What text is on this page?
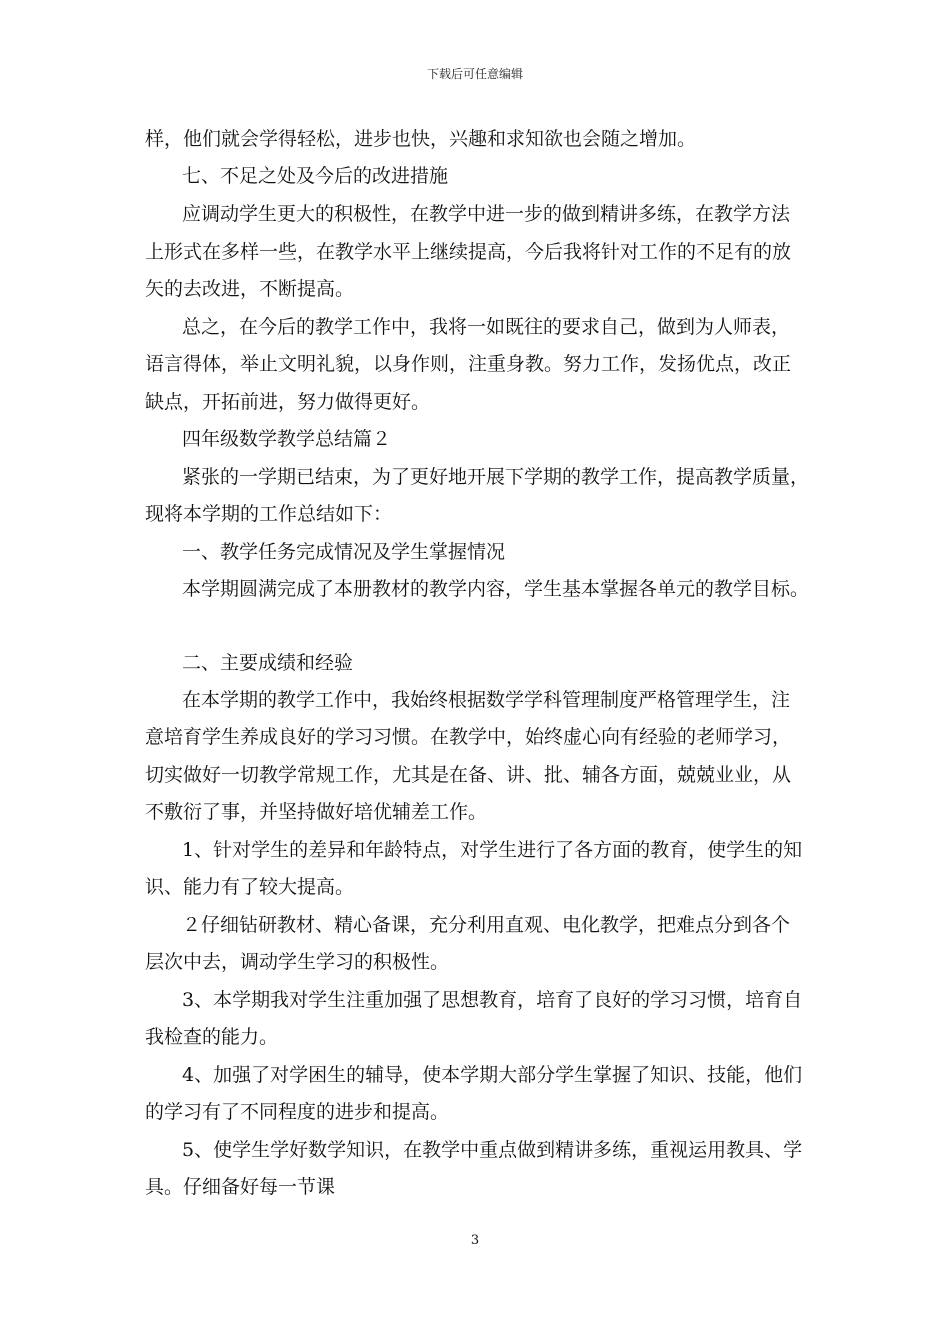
下载后可任意编辑
样，他们就会学得轻松，进步也快，兴趣和求知欲也会随之增加。
七、不足之处及今后的改进措施
应调动学生更大的积极性，在教学中进一步的做到精讲多练，在教学方法
上形式在多样一些，在教学水平上继续提高，今后我将针对工作的不足有的放
矢的去改进，不断提高。
总之，在今后的教学工作中，我将一如既往的要求自己，做到为人师表，
语言得体，举止文明礼貌，以身作则，注重身教。努力工作，发扬优点，改正
缺点，开拓前进，努力做得更好。
四年级数学教学总结篇２
紧张的一学期已结束，为了更好地开展下学期的教学工作，提高教学质量，
现将本学期的工作总结如下：
一、教学任务完成情况及学生掌握情况
本学期圆满完成了本册教材的教学内容，学生基本掌握各单元的教学目标。
二、主要成绩和经验
在本学期的教学工作中，我始终根据数学学科管理制度严格管理学生，注
意培育学生养成良好的学习习惯。在教学中，始终虚心向有经验的老师学习，
切实做好一切教学常规工作，尤其是在备、讲、批、辅各方面，兢兢业业，从
不敷衍了事，并坚持做好培优辅差工作。
1、针对学生的差异和年龄特点，对学生进行了各方面的教育，使学生的知
识、能力有了较大提高。
２仔细钻研教材、精心备课，充分利用直观、电化教学，把难点分到各个
层次中去，调动学生学习的积极性。
3、本学期我对学生注重加强了思想教育，培育了良好的学习习惯，培育自
我检查的能力。
4、加强了对学困生的辅导，使本学期大部分学生掌握了知识、技能，他们
的学习有了不同程度的进步和提高。
5、使学生学好数学知识，在教学中重点做到精讲多练，重视运用教具、学
具。仔细备好每一节课
3
